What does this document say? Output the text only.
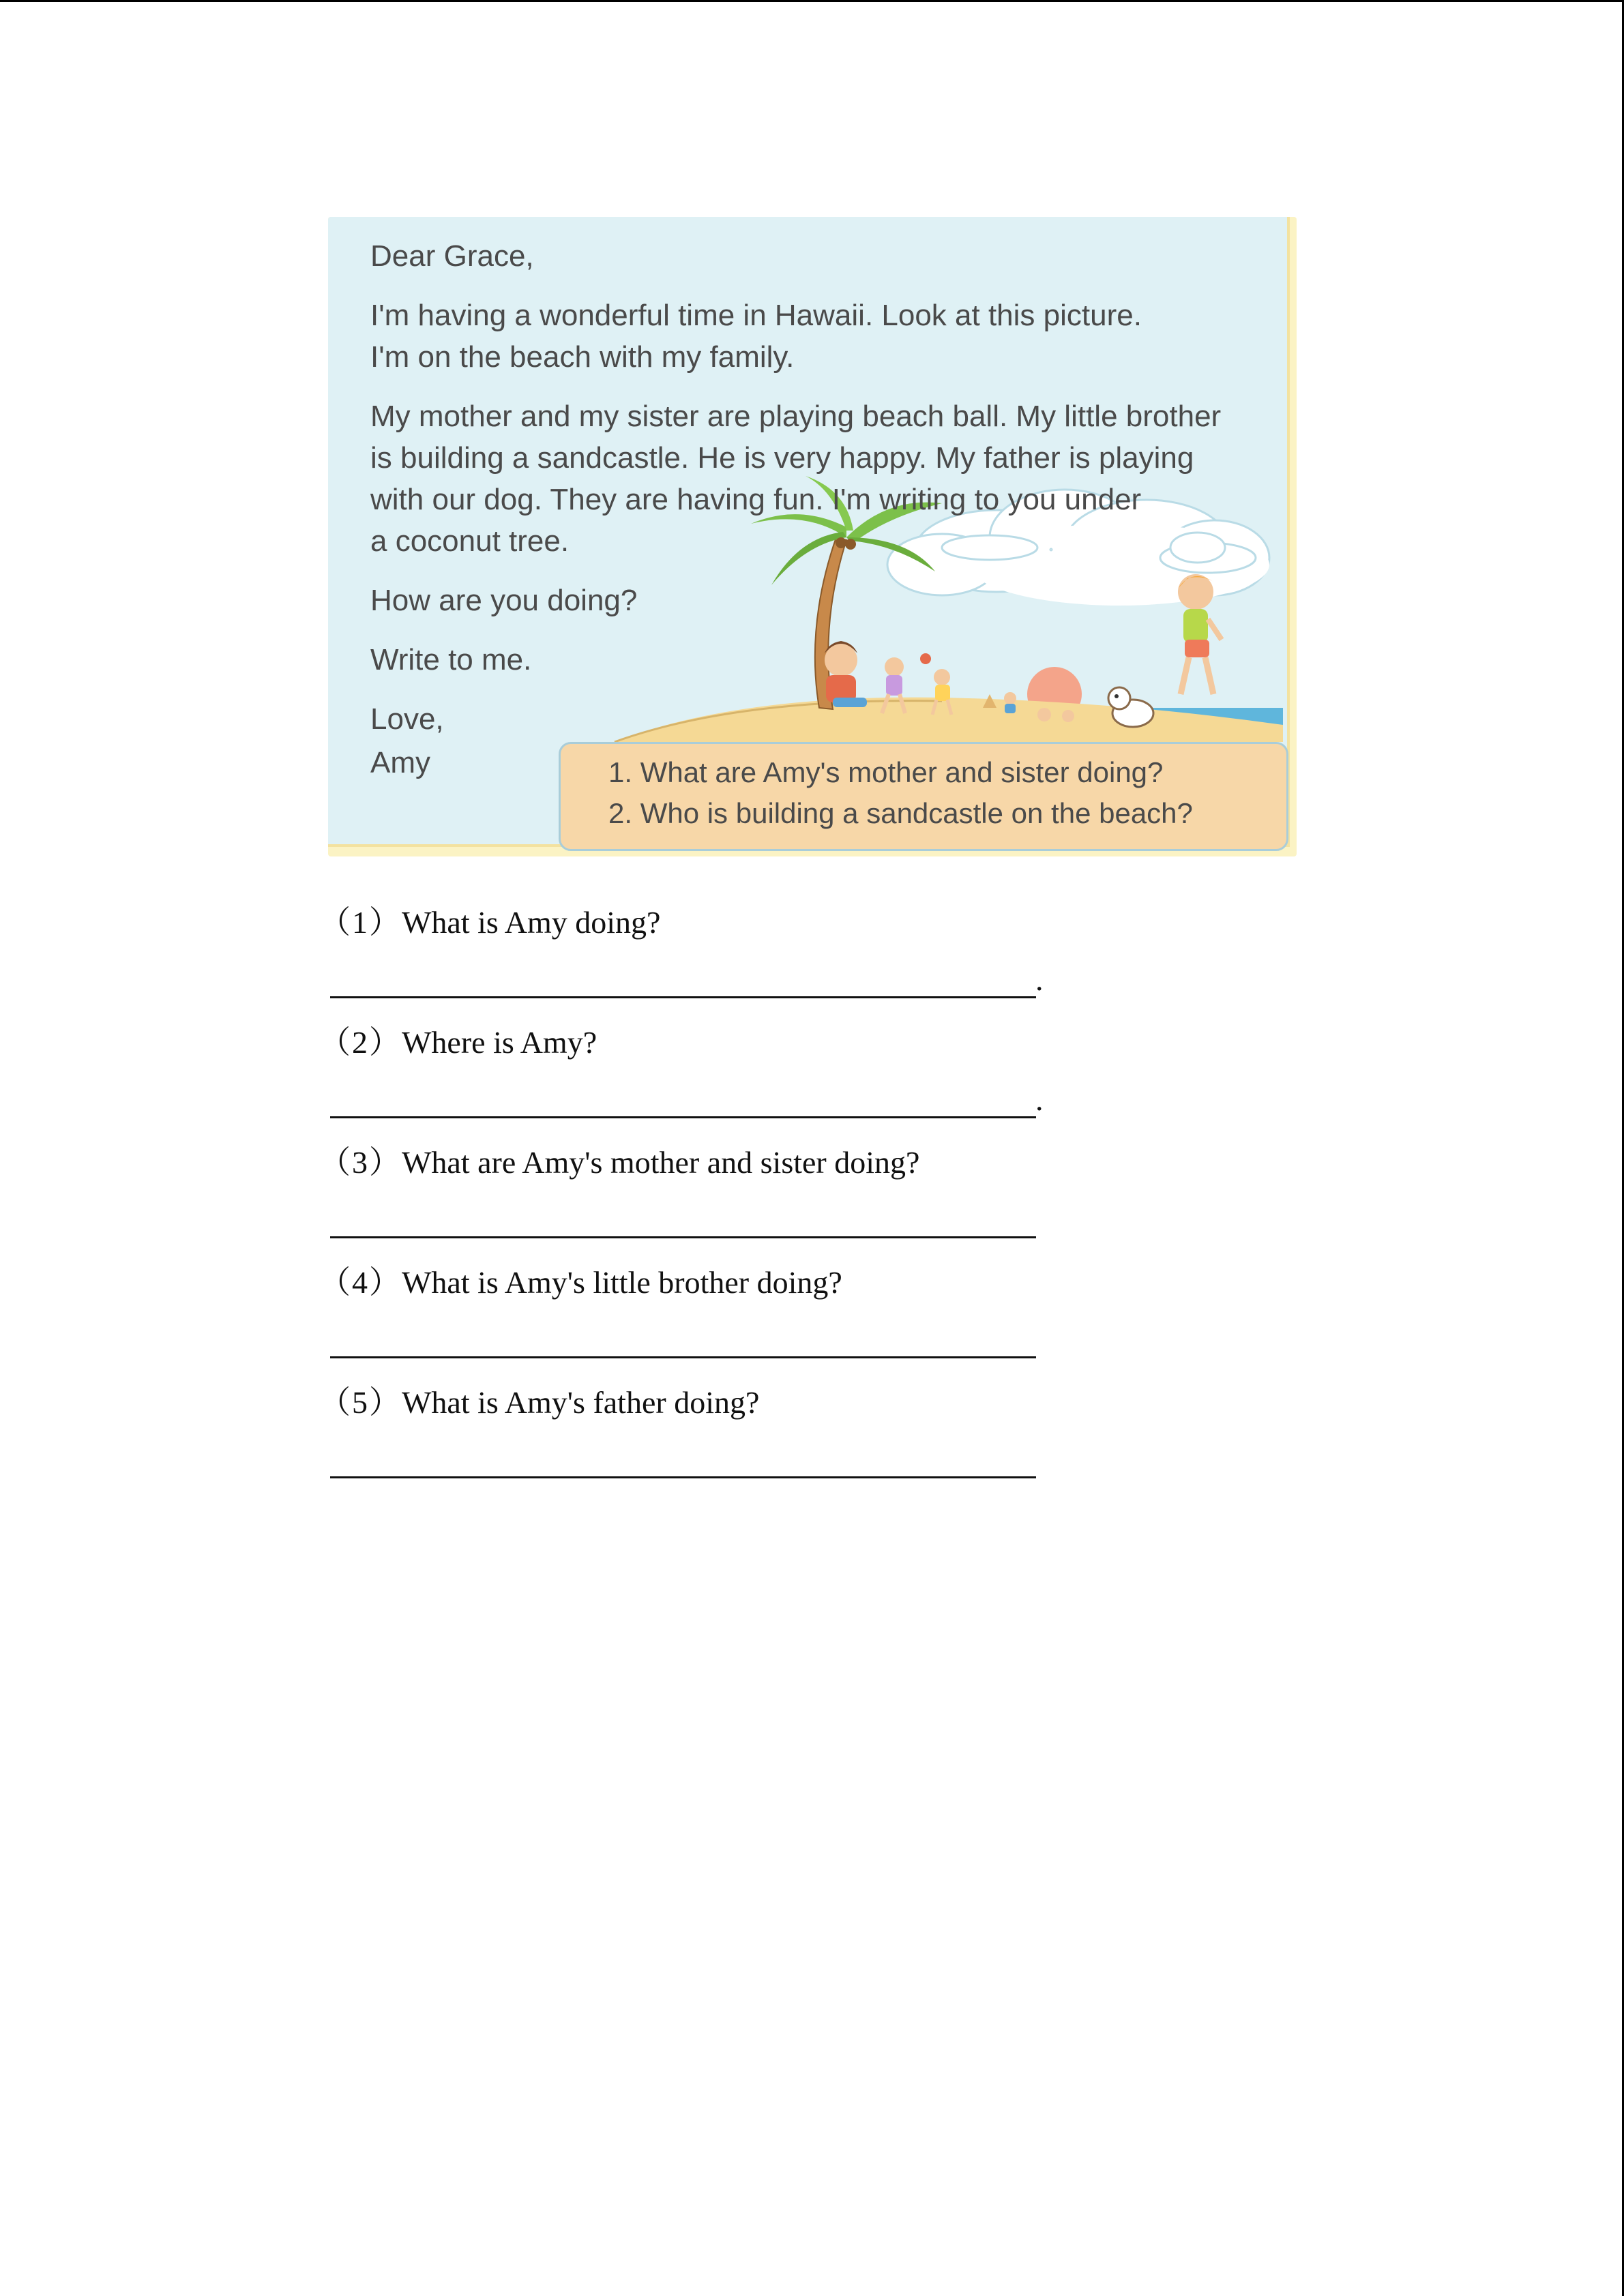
Dear Grace,

I'm having a wonderful time in Hawaii. Look at this picture.

I'm on the beach with my family.

My mother and my sister are playing beach ball. My little brother

is building a sandcastle. He is very happy. My father is playing

with our dog. They are having fun. I'm writing to you under

a coconut tree.

How are you doing?
Write to me.
Love,
Amy	1. What are Amy's mother and sister doing?
2. Who is building a sandcastle on the beach?
（1）What is Amy doing?
.
（2）Where is Amy?
.
（3）What are Amy's mother and sister doing?
（4）What is Amy's little brother doing?
（5）What is Amy's father doing?
